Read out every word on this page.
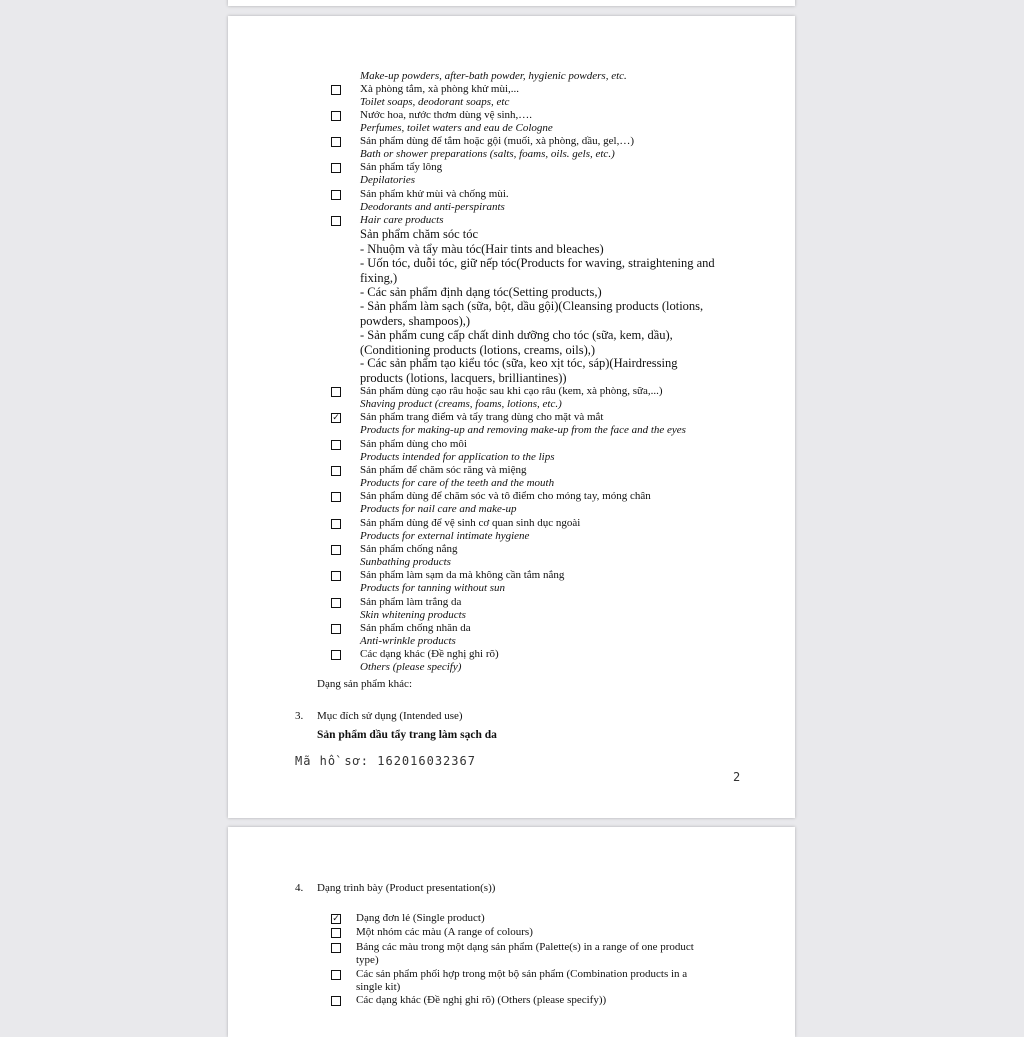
Make-up powders, after-bath powder, hygienic powders, etc.
Xà phòng tắm, xà phòng khử mùi,...
Toilet soaps, deodorant soaps, etc
Nước hoa, nước thơm dùng vệ sinh,….
Perfumes, toilet waters and eau de Cologne
Sản phẩm dùng để tắm hoặc gội (muối, xà phòng, dầu, gel,…)
Bath or shower preparations (salts, foams, oils. gels, etc.)
Sản phẩm tẩy lông
Depilatories
Sản phẩm khử mùi và chống mùi.
Deodorants and anti-perspirants
Hair care products
Sản phẩm chăm sóc tóc
- Nhuộm và tẩy màu tóc(Hair tints and bleaches)
- Uốn tóc, duỗi tóc, giữ nếp tóc(Products for waving, straightening and fixing,)
- Các sản phẩm định dạng tóc(Setting products,)
- Sản phẩm làm sạch (sữa, bột, dầu gội)(Cleansing products (lotions, powders, shampoos),)
- Sản phẩm cung cấp chất dinh dưỡng cho tóc (sữa, kem, dầu),(Conditioning products (lotions, creams, oils),)
- Các sản phẩm tạo kiểu tóc (sữa, keo xịt tóc, sáp)(Hairdressing products (lotions, lacquers, brilliantines))
Sản phẩm dùng cạo râu hoặc sau khi cạo râu (kem, xà phòng, sữa,...)
Shaving product (creams, foams, lotions, etc.)
✓ Sản phẩm trang điểm và tẩy trang dùng cho mặt và mắt
Products for making-up and removing make-up from the face and the eyes
Sản phẩm dùng cho môi
Products intended for application to the lips
Sản phẩm để chăm sóc răng và miệng
Products for care of the teeth and the mouth
Sản phẩm dùng để chăm sóc và tô điểm cho móng tay, móng chân
Products for nail care and make-up
Sản phẩm dùng để vệ sinh cơ quan sinh dục ngoài
Products for external intimate hygiene
Sản phẩm chống nắng
Sunbathing products
Sản phẩm làm sạm da mà không cần tắm nắng
Products for tanning without sun
Sản phẩm làm trắng da
Skin whitening products
Sản phẩm chống nhăn da
Anti-wrinkle products
Các dạng khác (Đề nghị ghi rõ)
Others (please specify)
Dạng sản phẩm khác:
3. Mục đích sử dụng (Intended use)
Sản phẩm dầu tẩy trang làm sạch da
Mã hồ sơ: 162016032367
2
4. Dạng trình bày (Product presentation(s))
✓ Dạng đơn lẻ (Single product)
Một nhóm các màu (A range of colours)
Bảng các màu trong một dạng sản phẩm (Palette(s) in a range of one product type)
Các sản phẩm phối hợp trong một bộ sản phẩm (Combination products in a single kit)
Các dạng khác (Đề nghị ghi rõ) (Others (please specify))
